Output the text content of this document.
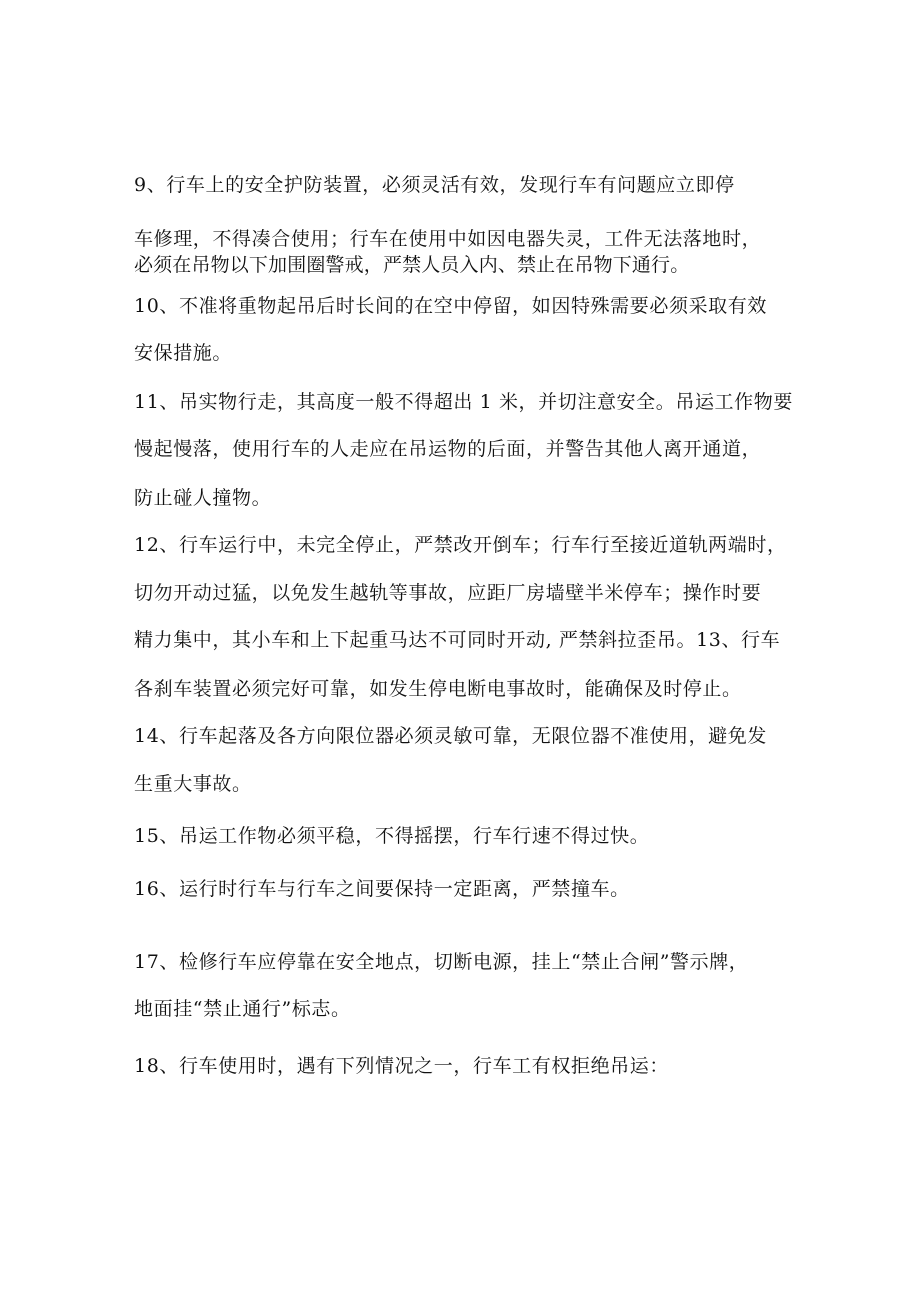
9、行车上的安全护防装置，必须灵活有效，发现行车有问题应立即停
车修理，不得凑合使用；行车在使用中如因电器失灵，工件无法落地时，
必须在吊物以下加围圈警戒，严禁人员入内、禁止在吊物下通行。
10、不准将重物起吊后时长间的在空中停留，如因特殊需要必须采取有效
安保措施。
11、吊实物行走，其高度一般不得超出 1 米，并切注意安全。吊运工作物要
慢起慢落，使用行车的人走应在吊运物的后面，并警告其他人离开通道，
防止碰人撞物。
12、行车运行中，未完全停止，严禁改开倒车；行车行至接近道轨两端时，
切勿开动过猛，以免发生越轨等事故，应距厂房墙壁半米停车；操作时要
精力集中，其小车和上下起重马达不可同时开动, 严禁斜拉歪吊。13、行车
各刹车装置必须完好可靠，如发生停电断电事故时，能确保及时停止。
14、行车起落及各方向限位器必须灵敏可靠，无限位器不准使用，避免发
生重大事故。
15、吊运工作物必须平稳，不得摇摆，行车行速不得过快。
16、运行时行车与行车之间要保持一定距离，严禁撞车。
17、检修行车应停靠在安全地点，切断电源，挂上“禁止合闸”警示牌，
地面挂“禁止通行”标志。
18、行车使用时，遇有下列情况之一，行车工有权拒绝吊运：
